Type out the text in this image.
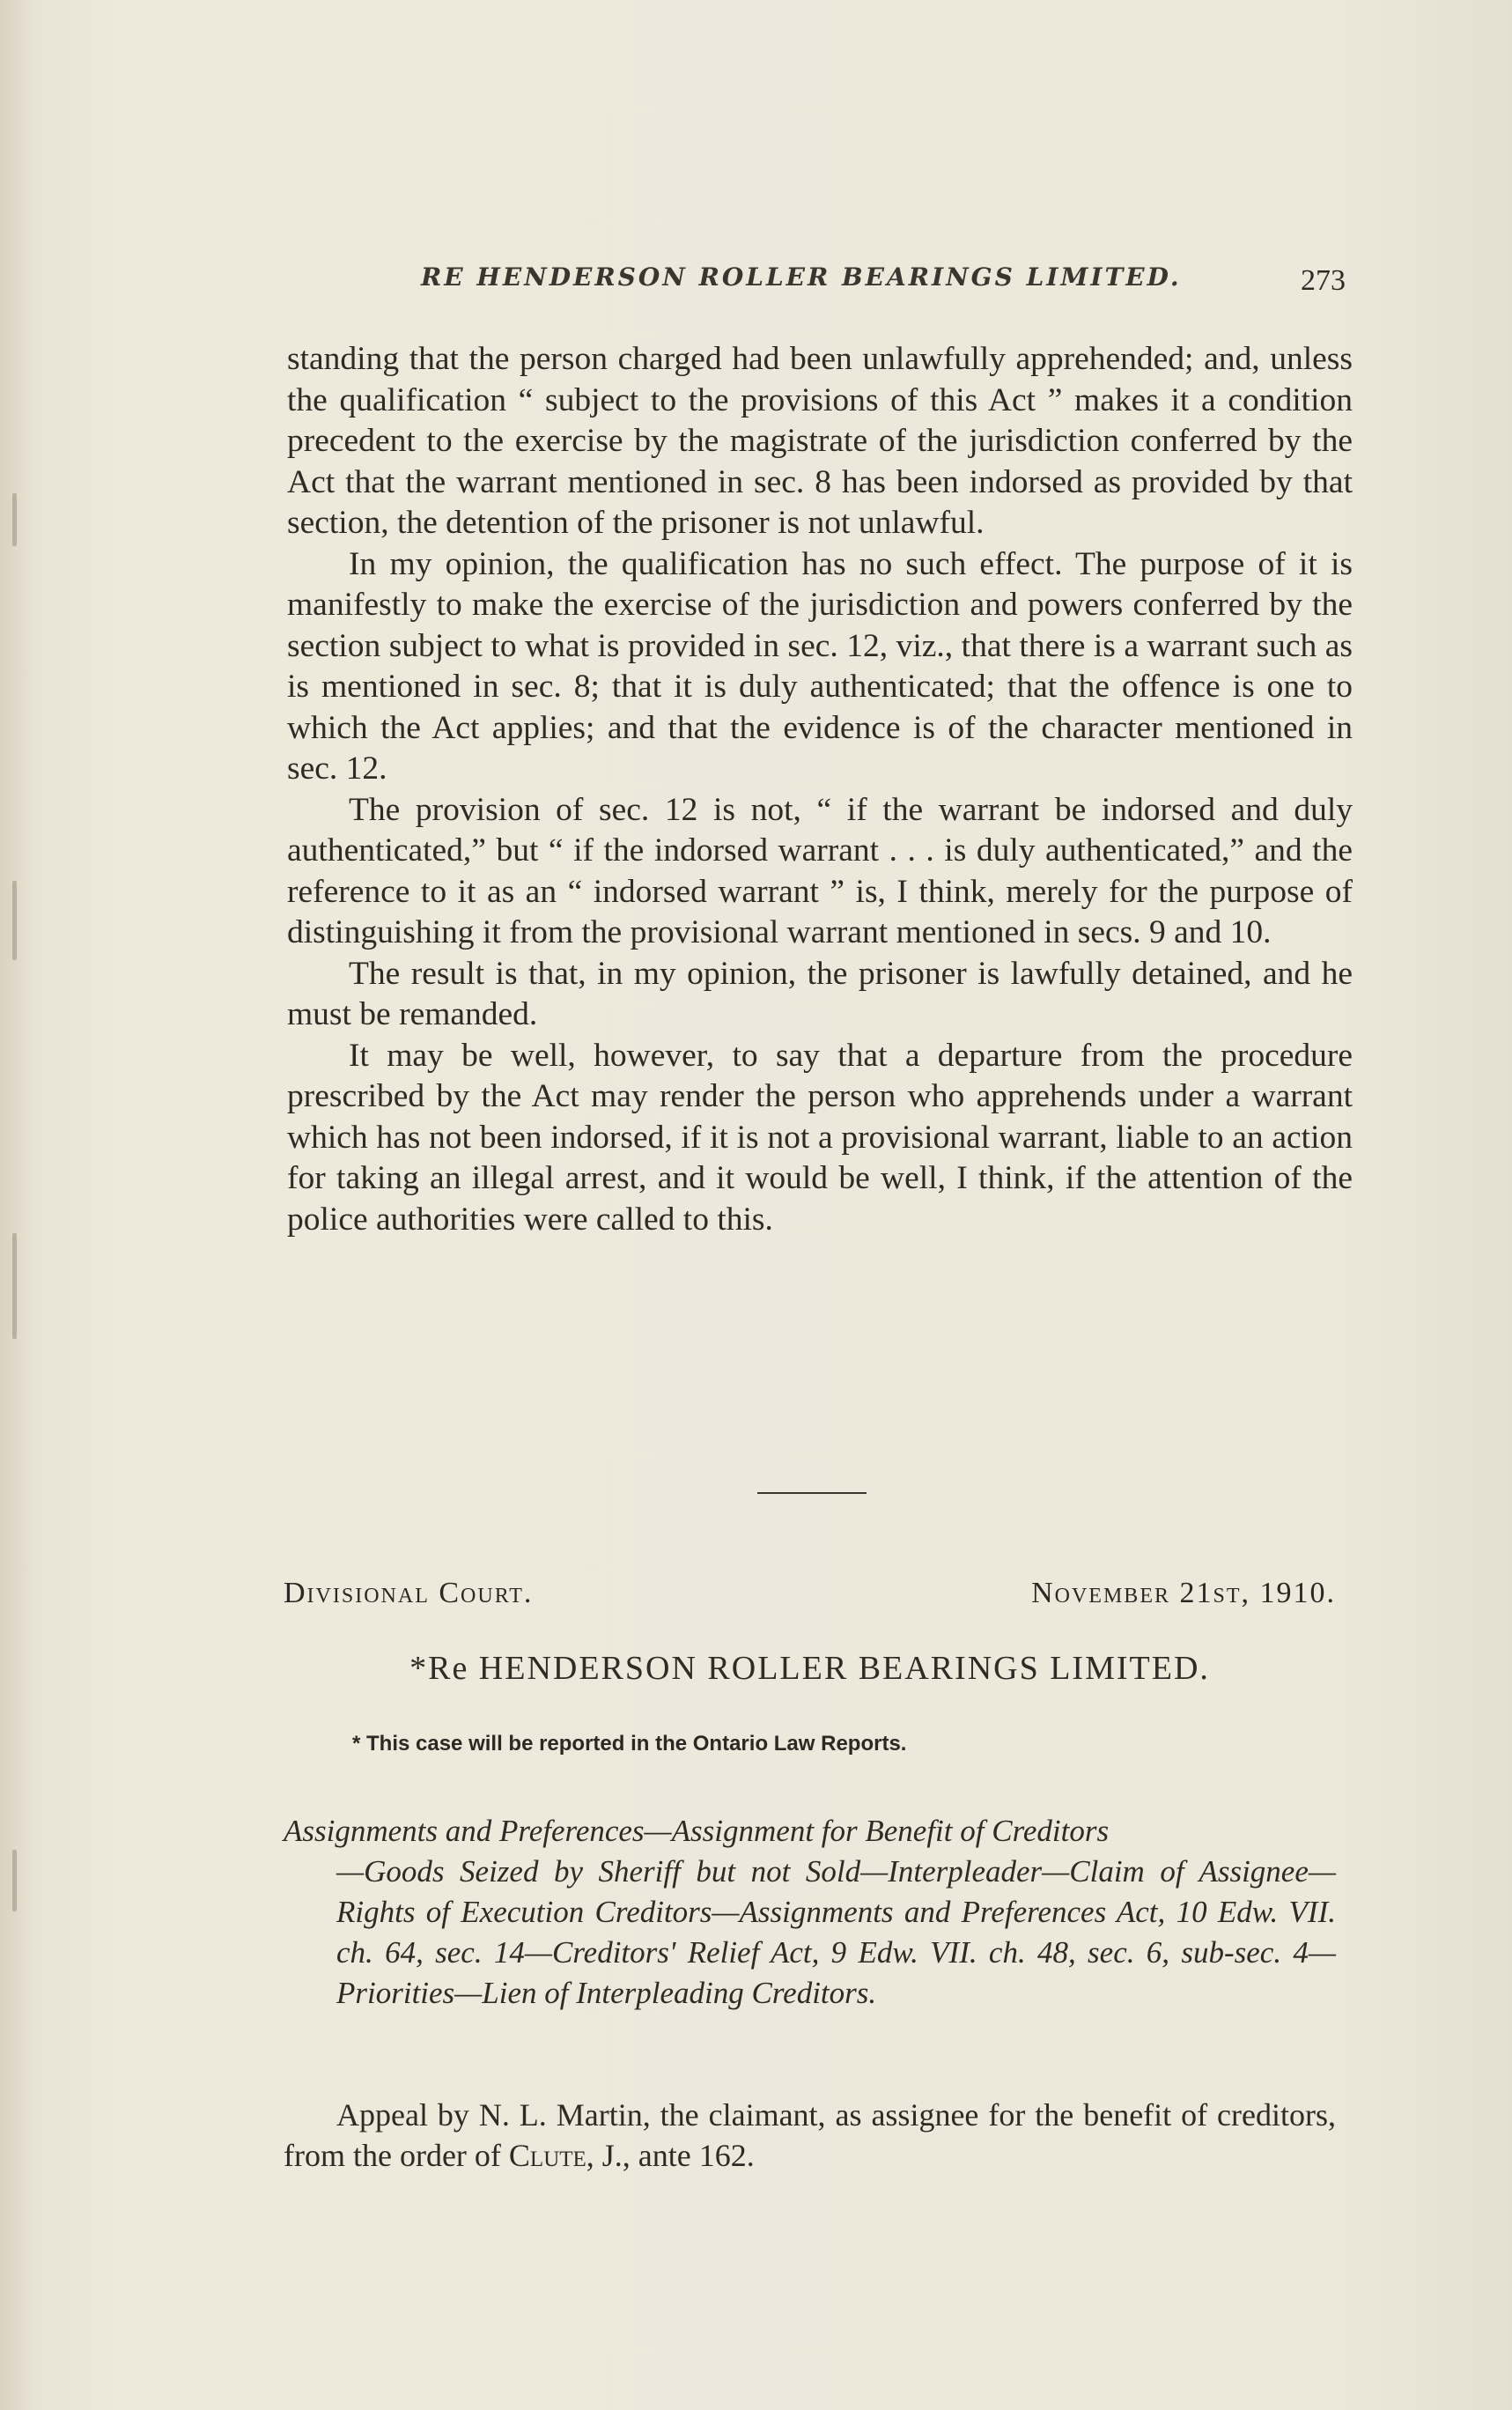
RE HENDERSON ROLLER BEARINGS LIMITED.	273

standing that the person charged had been unlawfully apprehended; and, unless the qualification “ subject to the provisions of this Act ” makes it a condition precedent to the exercise by the magistrate of the jurisdiction conferred by the Act that the warrant mentioned in sec. 8 has been indorsed as provided by that section, the detention of the prisoner is not unlawful.

In my opinion, the qualification has no such effect. The purpose of it is manifestly to make the exercise of the jurisdiction and powers conferred by the section subject to what is provided in sec. 12, viz., that there is a warrant such as is mentioned in sec. 8; that it is duly authenticated; that the offence is one to which the Act applies; and that the evidence is of the character mentioned in sec. 12.

The provision of sec. 12 is not, “ if the warrant be indorsed and duly authenticated,” but “ if the indorsed warrant . . . is duly authenticated,” and the reference to it as an “ indorsed warrant ” is, I think, merely for the purpose of distinguishing it from the provisional warrant mentioned in secs. 9 and 10.

The result is that, in my opinion, the prisoner is lawfully detained, and he must be remanded.

It may be well, however, to say that a departure from the procedure prescribed by the Act may render the person who apprehends under a warrant which has not been indorsed, if it is not a provisional warrant, liable to an action for taking an illegal arrest, and it would be well, I think, if the attention of the police authorities were called to this.

Divisional Court.	November 21st, 1910.
*Re HENDERSON ROLLER BEARINGS LIMITED.
* This case will be reported in the Ontario Law Reports.
Assignments and Preferences—Assignment for Benefit of Creditors
—Goods Seized by Sheriff but not Sold—Interpleader—Claim of Assignee—Rights of Execution Creditors—Assignments and Preferences Act, 10 Edw. VII. ch. 64, sec. 14—Creditors' Relief Act, 9 Edw. VII. ch. 48, sec. 6, sub-sec. 4—Priorities—Lien of Interpleading Creditors.
Appeal by N. L. Martin, the claimant, as assignee for the benefit of creditors, from the order of Clute, J., ante 162.
